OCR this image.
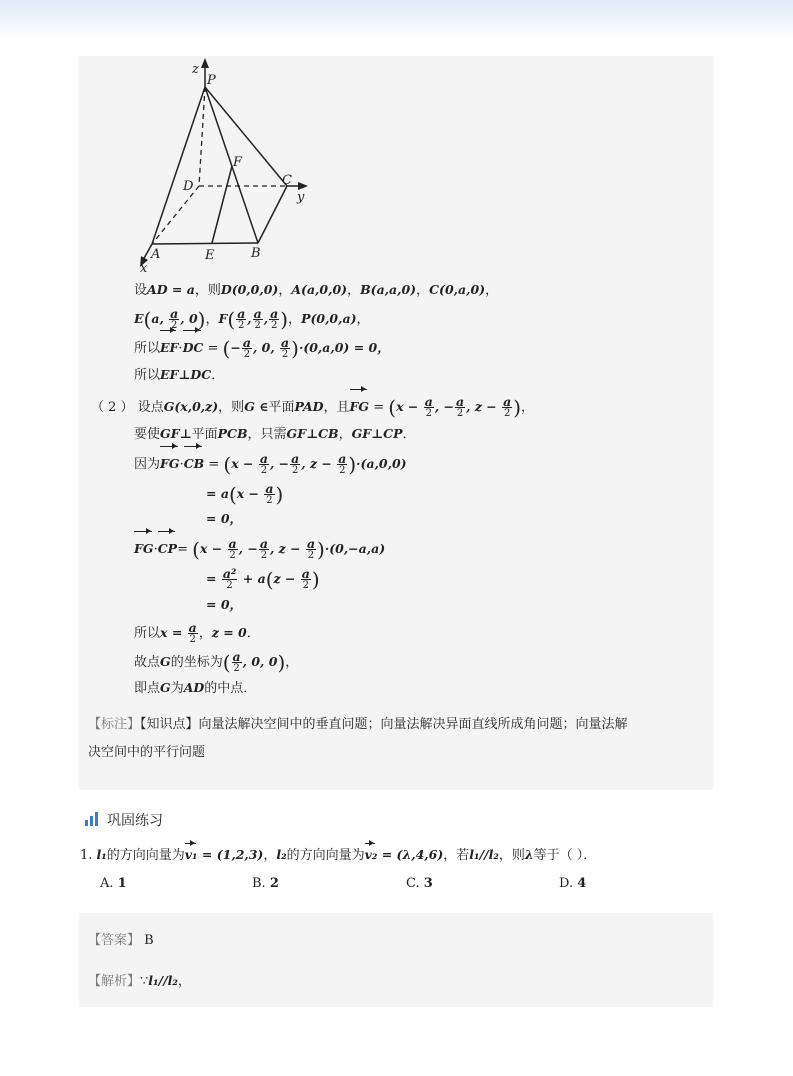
z
P
F
D	C
y
A	E	B
x
设AD = a，则D(0,0,0)，A(a,0,0)，B(a,a,0)，C(0,a,0)，
E(a, $\frac{a}{2}$ , 0)，$F( \frac{a}{2}$ , $\frac{a}{2}$ , $\frac{a}{2}$ )，P(0,0,a)，
所以EF·DC = (− $\frac{a}{2}$ , 0, $\frac{a}{2} )\cdot(0,a,0) = 0$，
所以EF⊥DC．
（ 2 ） 设点G(x,0,z)，则G ∈平面PAD，且FG = ($x - \frac{a}{2}$ , − $\frac{a}{2}$ , $z - \frac{a}{2}$ )，
要使GF⊥平面PCB，只需GF⊥CB，GF⊥CP．
因为$FG\cdot CB = (x - \frac{a}{2}$ , − $\frac{a}{2}$ , $z - \frac{a}{2} )\cdot(a,0,0)$
= $a(x - \frac{a}{2}$ )
= 0，
$FG\cdot CP= (x - \frac{a}{2}$ , − $\frac{a}{2}$ , $z - \frac{a}{2} )\cdot(0,-a,a)$
= $\frac{\text{a²}}{2} + a(z - \frac{a}{2}$ )
= 0，
所以$x = \frac{a}{2}$ ，z = 0．
故点G的坐标为( $\frac{a}{2}$ , 0, 0)，
即点G为AD的中点．
【标注】【知识点】向量法解决空间中的垂直问题；向量法解决异面直线所成角问题；向量法解
决空间中的平行问题
巩固练习
1. l₁的方向向量为v₁ = (1,2,3)，l₂的方向向量为v₂ = (λ,4,6)，若l₁//l₂，则λ等于（ ）．
A. 1	B. 2	C. 3	D. 4
【答案】 B
【解析】∵l₁//l₂，
